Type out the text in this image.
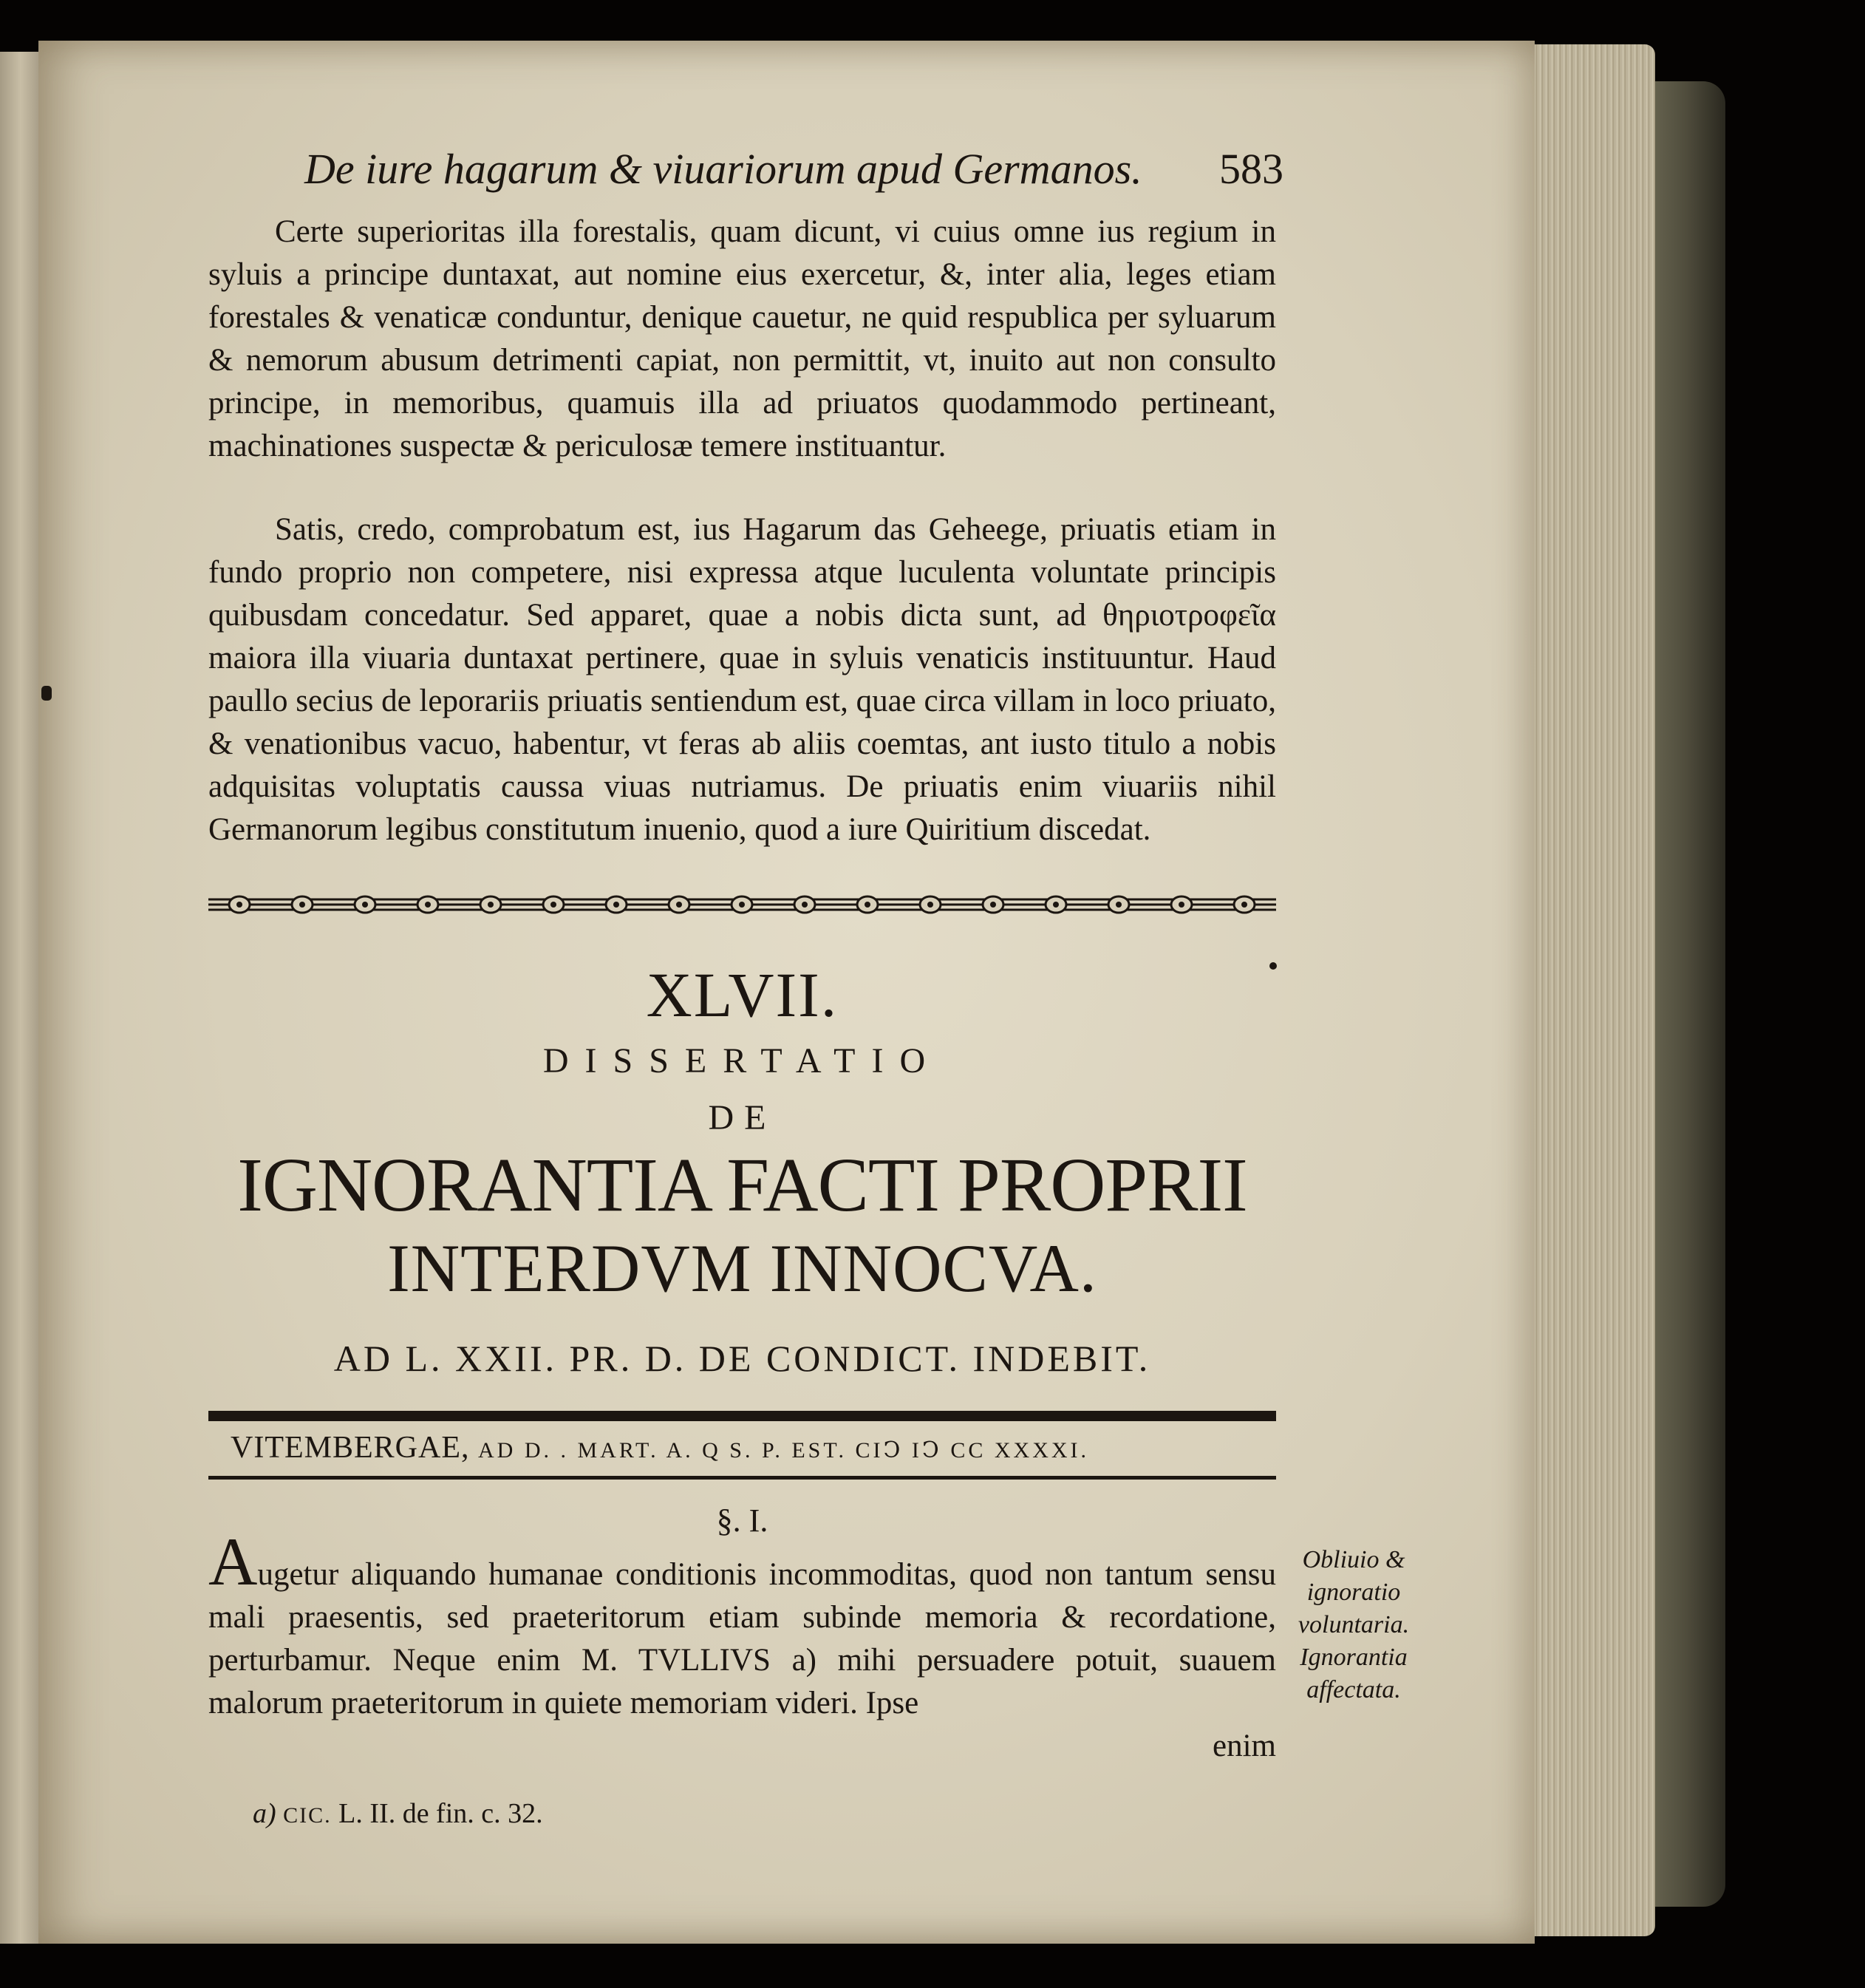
De iure hagarum & viuariorum apud Germanos. 583

Certe superioritas illa forestalis, quam dicunt, vi cuius omne ius regium in syluis a principe duntaxat, aut nomine eius exercetur, &, inter alia, leges etiam forestales & venaticæ conduntur, denique cauetur, ne quid respublica per syluarum & nemorum abusum detrimenti capiat, non permittit, vt, inuito aut non consulto principe, in memoribus, quamuis illa ad priuatos quodammodo pertineant, machinationes suspectæ & periculosæ temere instituantur.

Satis, credo, comprobatum est, ius Hagarum das Geheege, priuatis etiam in fundo proprio non competere, nisi expressa atque luculenta voluntate principis quibusdam concedatur. Sed apparet, quae a nobis dicta sunt, ad θηριοτροφεῖα maiora illa viuaria duntaxat pertinere, quae in syluis venaticis instituuntur. Haud paullo secius de leporariis priuatis sentiendum est, quae circa villam in loco priuato, & venationibus vacuo, habentur, vt feras ab aliis coemtas, ant iusto titulo a nobis adquisitas voluptatis caussa viuas nutriamus. De priuatis enim viuariis nihil Germanorum legibus constitutum inuenio, quod a iure Quiritium discedat.

XLVII.
DISSERTATIO
DE
IGNORANTIA FACTI PROPRII
INTERDVM INNOCVA.
AD L. XXII. PR. D. DE CONDICT. INDEBIT.
VITEMBERGAE, AD D. . MART. A. Q S. P. EST. CIↃ IↃ CC XXXXI.
§. I.

Augetur aliquando humanae conditionis incommoditas, quod non tantum sensu mali praesentis, sed praeteritorum etiam subinde memoria & recordatione, perturbamur. Neque enim M. TVLLIVS a) mihi persuadere potuit, suauem malorum praeteritorum in quiete memoriam videri. Ipse

Obliuio &
ignoratio
voluntaria.
Ignorantia
affectata.
enim
a) CIC. L. II. de fin. c. 32.
